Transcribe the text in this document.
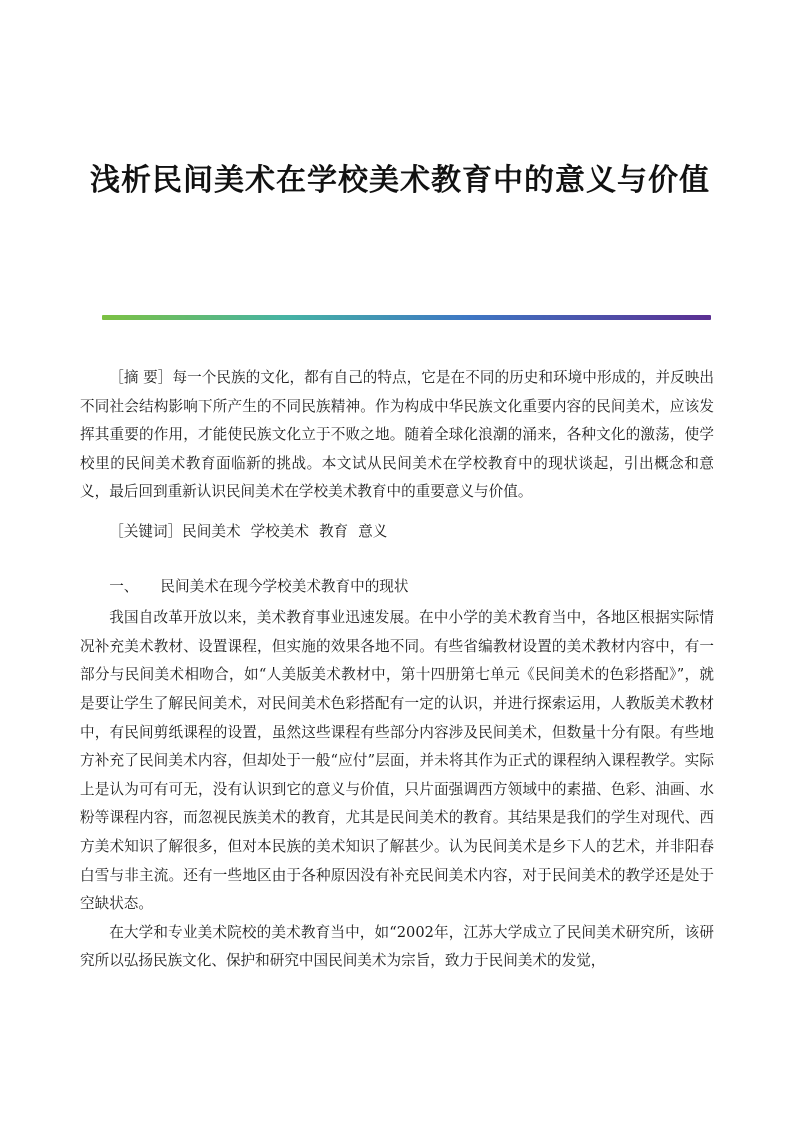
浅析民间美术在学校美术教育中的意义与价值

［摘 要］每一个民族的文化，都有自己的特点，它是在不同的历史和环境中形成的，并反映出不同社会结构影响下所产生的不同民族精神。作为构成中华民族文化重要内容的民间美术，应该发挥其重要的作用，才能使民族文化立于不败之地。随着全球化浪潮的涌来，各种文化的激荡，使学校里的民间美术教育面临新的挑战。本文试从民间美术在学校教育中的现状谈起，引出概念和意义，最后回到重新认识民间美术在学校美术教育中的重要意义与价值。

［关键词］民间美术 学校美术 教育 意义

一、 民间美术在现今学校美术教育中的现状

我国自改革开放以来，美术教育事业迅速发展。在中小学的美术教育当中，各地区根据实际情况补充美术教材、设置课程，但实施的效果各地不同。有些省编教材设置的美术教材内容中，有一部分与民间美术相吻合，如“人美版美术教材中，第十四册第七单元《民间美术的色彩搭配》”，就是要让学生了解民间美术，对民间美术色彩搭配有一定的认识，并进行探索运用，人教版美术教材中，有民间剪纸课程的设置，虽然这些课程有些部分内容涉及民间美术，但数量十分有限。有些地方补充了民间美术内容，但却处于一般“应付”层面，并未将其作为正式的课程纳入课程教学。实际上是认为可有可无，没有认识到它的意义与价值，只片面强调西方领域中的素描、色彩、油画、水粉等课程内容，而忽视民族美术的教育，尤其是民间美术的教育。其结果是我们的学生对现代、西方美术知识了解很多，但对本民族的美术知识了解甚少。认为民间美术是乡下人的艺术，并非阳春白雪与非主流。还有一些地区由于各种原因没有补充民间美术内容，对于民间美术的教学还是处于空缺状态。

在大学和专业美术院校的美术教育当中，如“2002年，江苏大学成立了民间美术研究所，该研究所以弘扬民族文化、保护和研究中国民间美术为宗旨，致力于民间美术的发觉，
